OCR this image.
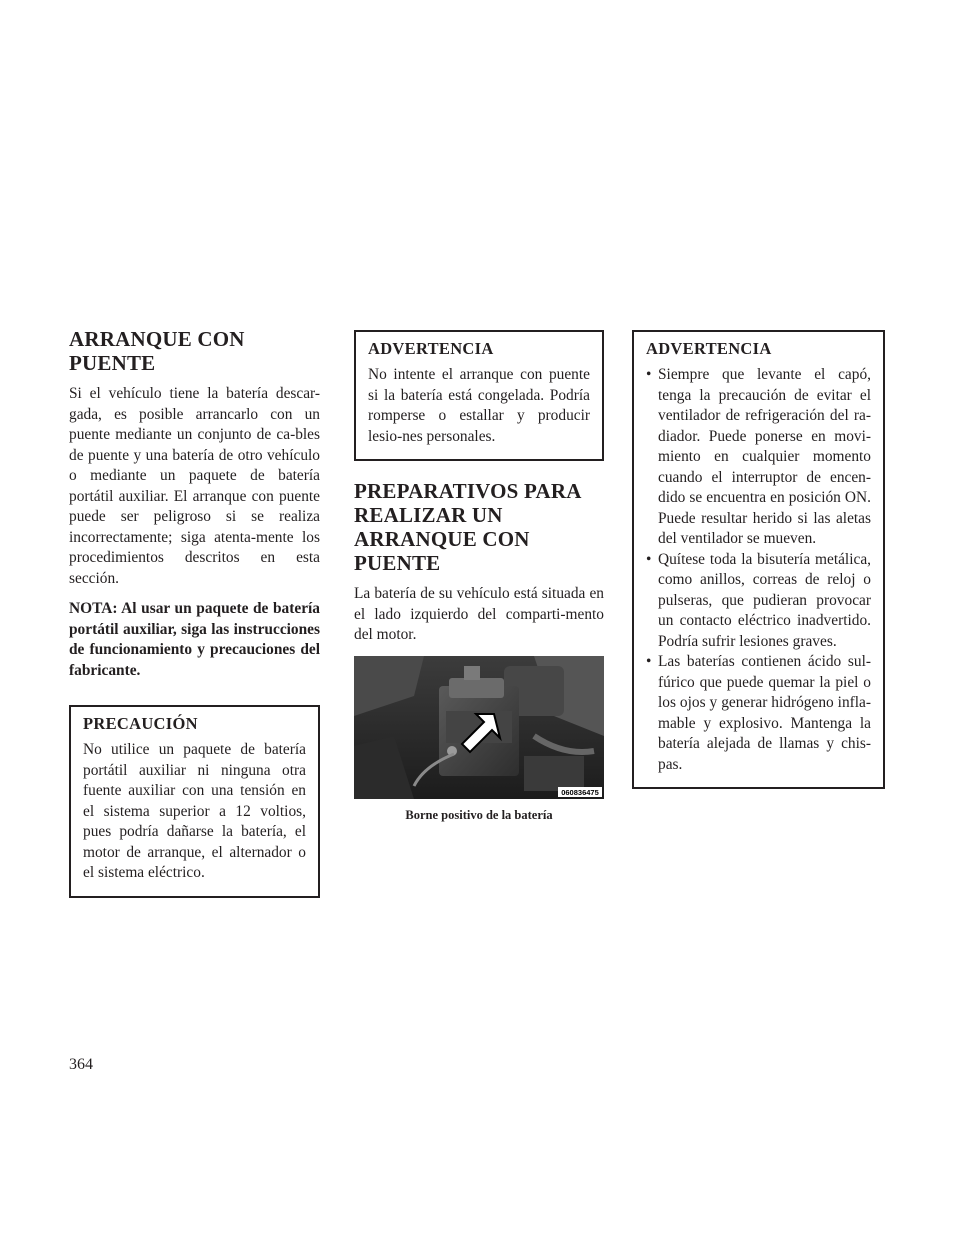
ARRANQUE CON PUENTE

Si el vehículo tiene la batería descar-gada, es posible arrancarlo con un puente mediante un conjunto de ca-bles de puente y una batería de otro vehículo o mediante un paquete de batería portátil auxiliar. El arranque con puente puede ser peligroso si se realiza incorrectamente; siga atenta-mente los procedimientos descritos en esta sección.

NOTA: Al usar un paquete de batería portátil auxiliar, siga las instrucciones de funcionamiento y precauciones del fabricante.

PRECAUCIÓN

No utilice un paquete de batería portátil auxiliar ni ninguna otra fuente auxiliar con una tensión en el sistema superior a 12 voltios, pues podría dañarse la batería, el motor de arranque, el alternador o el sistema eléctrico.

ADVERTENCIA

No intente el arranque con puente si la batería está congelada. Podría romperse o estallar y producir lesio-nes personales.

PREPARATIVOS PARA REALIZAR UN ARRANQUE CON PUENTE

La batería de su vehículo está situada en el lado izquierdo del comparti-mento del motor.

060836475
Borne positivo de la batería
ADVERTENCIA
• Siempre que levante el capó, tenga la precaución de evitar el ventilador de refrigeración del ra-diador. Puede ponerse en movi-miento en cualquier momento cuando el interruptor de encen-dido se encuentra en posición ON. Puede resultar herido si las aletas del ventilador se mueven.
• Quítese toda la bisutería metálica, como anillos, correas de reloj o pulseras, que pudieran provocar un contacto eléctrico inadvertido. Podría sufrir lesiones graves.
• Las baterías contienen ácido sul-fúrico que puede quemar la piel o los ojos y generar hidrógeno infla-mable y explosivo. Mantenga la batería alejada de llamas y chis-pas.
364
